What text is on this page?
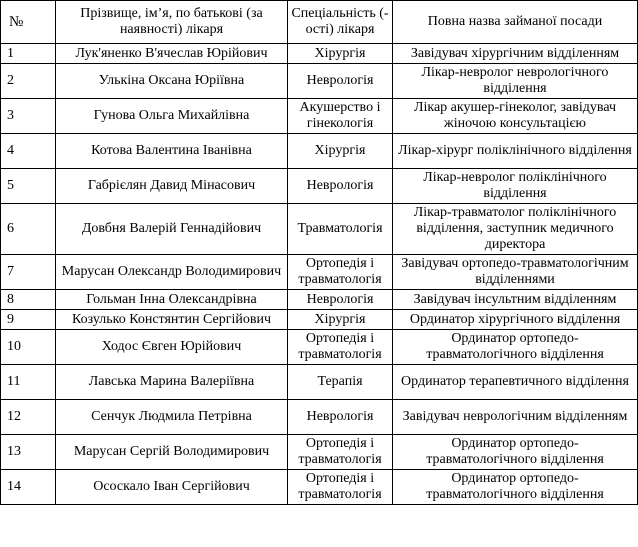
№	Прізвище, ім’я, по батькові (за наявності) лікаря	Спеціальність (-ості) лікаря	Повна назва займаної посади
1	Лук'яненко В'ячеслав Юрійович	Хірургія	Завідувач хірургічним відділенням
2	Улькіна Оксана Юріївна	Неврологія	Лікар-невролог неврологічного відділення
3	Гунова Ольга Михайлівна	Акушерство і гінекологія	Лікар акушер-гінеколог, завідувач жіночою консультацією
4	Котова Валентина Іванівна	Хірургія	Лікар-хірург поліклінічного відділення
5	Габрієлян Давид Мінасович	Неврологія	Лікар-невролог поліклінічного відділення
6	Довбня Валерій Геннадійович	Травматологія	Лікар-травматолог поліклінічного відділення, заступник медичного директора
7	Марусан Олександр Володимирович	Ортопедія і травматологія	Завідувач ортопедо-травматологічним відділеннями
8	Гольман Інна Олександрівна	Неврологія	Завідувач інсультним відділенням
9	Козулько Констянтин Сергійович	Хірургія	Ординатор хірургічного відділення
10	Ходос Євген Юрійович	Ортопедія і травматологія	Ординатор ортопедо-травматологічного відділення
11	Лавська Марина Валеріївна	Терапія	Ординатор терапевтичного відділення
12	Сенчук Людмила Петрівна	Неврологія	Завідувач неврологічним відділенням
13	Марусан Сергій Володимирович	Ортопедія і травматологія	Ординатор ортопедо-травматологічного відділення
14	Ососкало Іван Сергійович	Ортопедія і травматологія	Ординатор ортопедо-травматологічного відділення
